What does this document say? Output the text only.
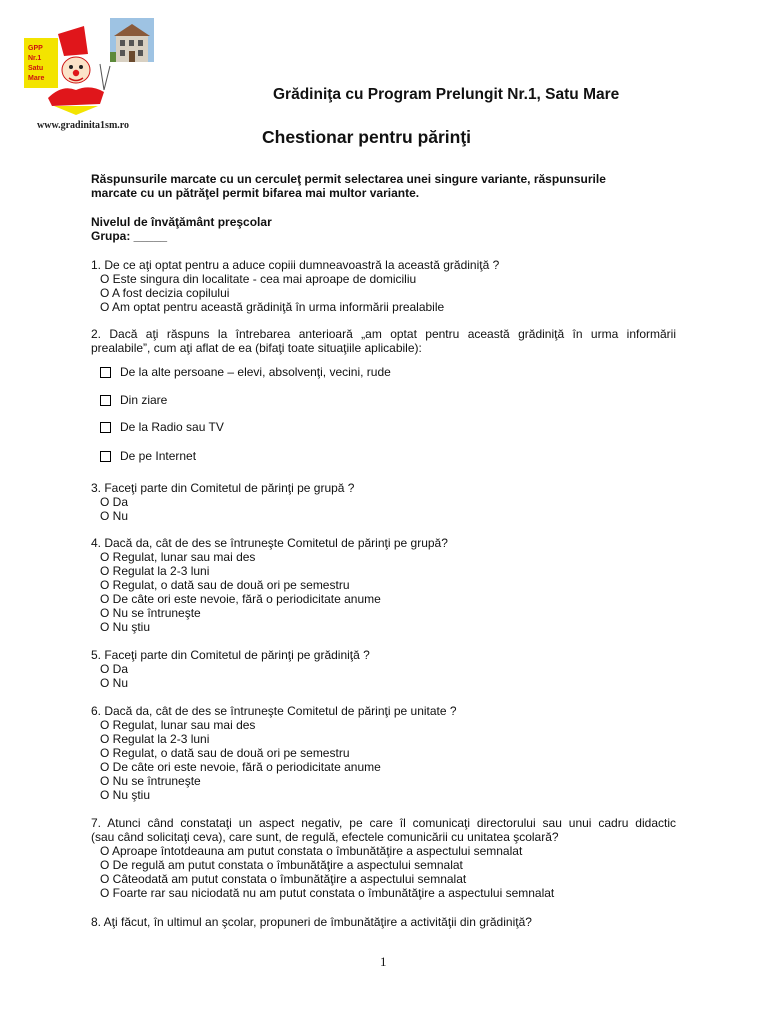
GPP
Nr.1
Satu
Mare
www.gradinita1sm.ro
Grădiniţa cu Program Prelungit Nr.1, Satu Mare
Chestionar pentru părinţi
Răspunsurile marcate cu un cerculeţ permit selectarea unei singure variante, răspunsurile
marcate cu un pătrăţel permit bifarea mai multor variante.
Nivelul de învăţământ preşcolar
Grupa: _____
1. De ce aţi optat pentru a aduce copiii dumneavoastră la această grădiniţă ?
O Este singura din localitate - cea mai aproape de domiciliu
O A fost decizia copilului
O Am optat pentru această grădiniţă în urma informării prealabile
2. Dacă aţi răspuns la întrebarea anterioară „am optat pentru această grădiniţă în urma informării
prealabile”, cum aţi aflat de ea (bifaţi toate situaţiile aplicabile):
De la alte persoane – elevi, absolvenţi, vecini, rude
Din ziare
De la Radio sau TV
De pe Internet
3. Faceţi parte din Comitetul de părinţi pe grupă ?
O Da
O Nu
4. Dacă da, cât de des se întruneşte Comitetul de părinţi pe grupă?
O Regulat, lunar sau mai des
O Regulat la 2-3 luni
O Regulat, o dată sau de două ori pe semestru
O De câte ori este nevoie, fără o periodicitate anume
O Nu se întruneşte
O Nu ştiu
5. Faceţi parte din Comitetul de părinţi pe grădiniţă ?
O Da
O Nu
6. Dacă da, cât de des se întruneşte Comitetul de părinţi pe unitate ?
O Regulat, lunar sau mai des
O Regulat la 2-3 luni
O Regulat, o dată sau de două ori pe semestru
O De câte ori este nevoie, fără o periodicitate anume
O Nu se întruneşte
O Nu ştiu
7. Atunci când constataţi un aspect negativ, pe care îl comunicaţi directorului sau unui cadru didactic
(sau când solicitaţi ceva), care sunt, de regulă, efectele comunicării cu unitatea şcolară?
O Aproape întotdeauna am putut constata o îmbunătăţire a aspectului semnalat
O De regulă am putut constata o îmbunătăţire a aspectului semnalat
O Câteodată am putut constata o îmbunătăţire a aspectului semnalat
O Foarte rar sau niciodată nu am putut constata o îmbunătăţire a aspectului semnalat
8. Aţi făcut, în ultimul an şcolar, propuneri de îmbunătăţire a activităţii din grădiniţă?
1
